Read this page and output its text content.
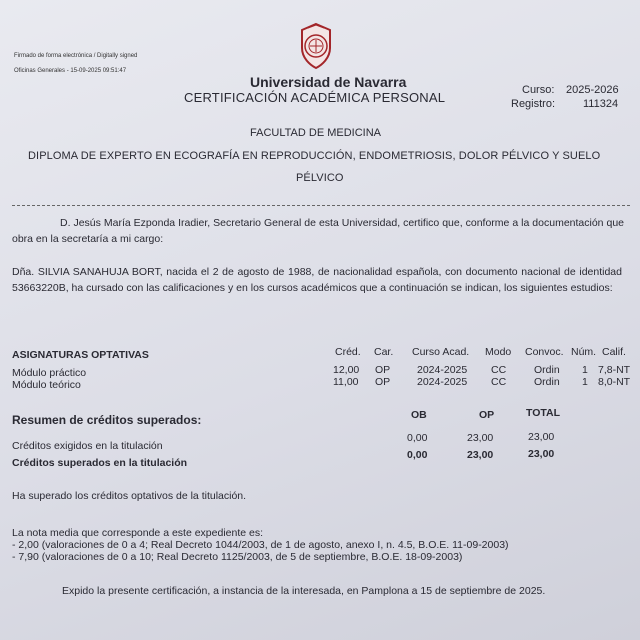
Firmado de forma electrónica / Digitally signed
Oficinas Generales - 15-09-2025 09:51:47
Universidad de Navarra
CERTIFICACIÓN ACADÉMICA PERSONAL	Curso: 2025-2026
Registro:	111324
FACULTAD DE MEDICINA
DIPLOMA DE EXPERTO EN ECOGRAFÍA EN REPRODUCCIÓN, ENDOMETRIOSIS, DOLOR PÉLVICO Y SUELO
PÉLVICO
D. Jesús María Ezponda Iradier, Secretario General de esta Universidad, certifico que, conforme a la documentación que obra en la secretaría a mi cargo:
Dña. SILVIA SANAHUJA BORT, nacida el 2 de agosto de 1988, de nacionalidad española, con documento nacional de identidad 53663220B, ha cursado con las calificaciones y en los cursos académicos que a continuación se indican, los siguientes estudios:
ASIGNATURAS OPTATIVAS	Créd. Car. Curso Acad. Modo Convoc. Núm. Calif.
Módulo práctico	12,00 OP	2024-2025 CC	Ordin 1 7,8-NT
Módulo teórico	11,00 OP	2024-2025 CC	Ordin 1 8,0-NT
Resumen de créditos superados:	OB	OP	TOTAL
Créditos exigidos en la titulación
0,00	23,00	23,00
Créditos superados en la titulación
0,00	23,00	23,00
Ha superado los créditos optativos de la titulación.
La nota media que corresponde a este expediente es:
- 2,00 (valoraciones de 0 a 4; Real Decreto 1044/2003, de 1 de agosto, anexo I, n. 4.5, B.O.E. 11-09-2003)
- 7,90 (valoraciones de 0 a 10; Real Decreto 1125/2003, de 5 de septiembre, B.O.E. 18-09-2003)
Expido la presente certificación, a instancia de la interesada, en Pamplona a 15 de septiembre de 2025.
